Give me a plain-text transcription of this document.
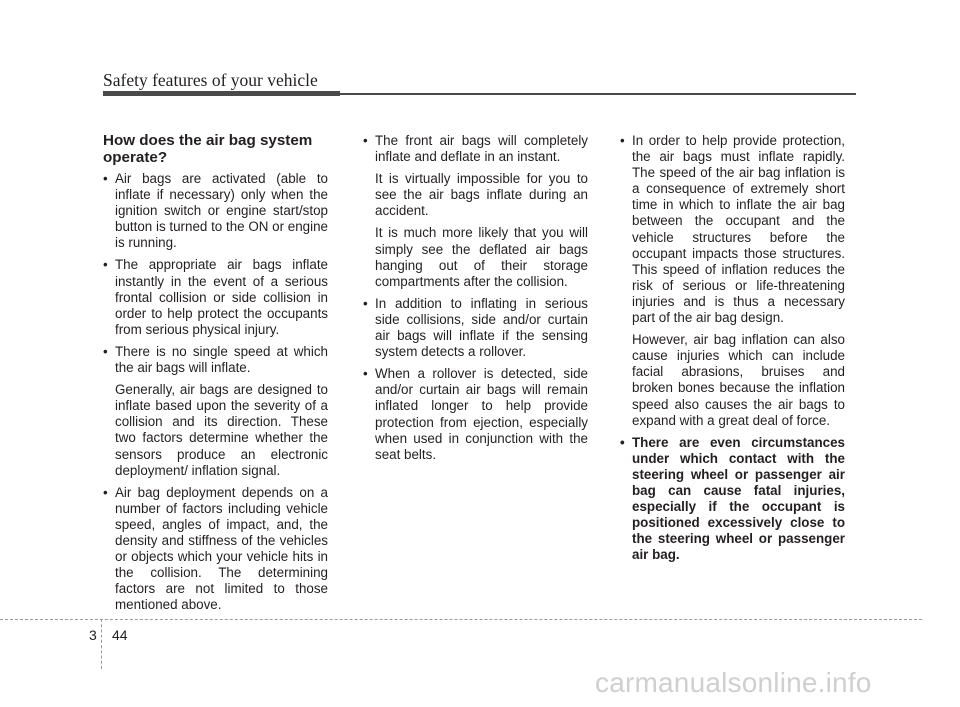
Safety features of your vehicle
How does the air bag system operate?
• Air bags are activated (able to inflate if necessary) only when the ignition switch or engine start/stop button is turned to the ON or engine is running.
• The appropriate air bags inflate instantly in the event of a serious frontal collision or side collision in order to help protect the occupants from serious physical injury.
• There is no single speed at which the air bags will inflate.
Generally, air bags are designed to inflate based upon the severity of a collision and its direction. These two factors determine whether the sensors produce an electronic deployment/ inflation signal.
• Air bag deployment depends on a number of factors including vehicle speed, angles of impact, and, the density and stiffness of the vehicles or objects which your vehicle hits in the collision. The determining factors are not limited to those mentioned above.
• The front air bags will completely inflate and deflate in an instant.
It is virtually impossible for you to see the air bags inflate during an accident.
It is much more likely that you will simply see the deflated air bags hanging out of their storage compartments after the collision.
• In addition to inflating in serious side collisions, side and/or curtain air bags will inflate if the sensing system detects a rollover.
• When a rollover is detected, side and/or curtain air bags will remain inflated longer to help provide protection from ejection, especially when used in conjunction with the seat belts.
• In order to help provide protection, the air bags must inflate rapidly. The speed of the air bag inflation is a consequence of extremely short time in which to inflate the air bag between the occupant and the vehicle structures before the occupant impacts those structures. This speed of inflation reduces the risk of serious or life-threatening injuries and is thus a necessary part of the air bag design.
However, air bag inflation can also cause injuries which can include facial abrasions, bruises and broken bones because the inflation speed also causes the air bags to expand with a great deal of force.
• There are even circumstances under which contact with the steering wheel or passenger air bag can cause fatal injuries, especially if the occupant is positioned excessively close to the steering wheel or passenger air bag.
3 44
carmanualsonline.info
